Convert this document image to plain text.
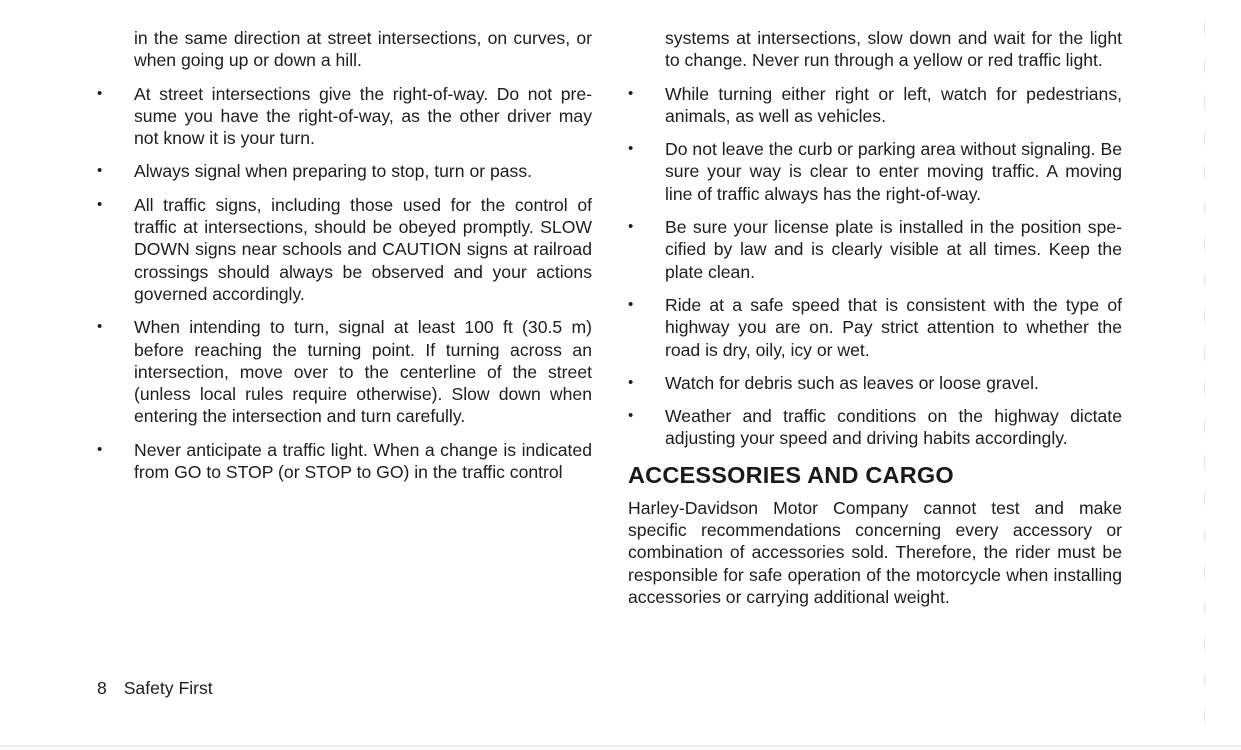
in the same direction at street intersections, on curves, or when going up or down a hill.

• At street intersections give the right-of-way. Do not pre-sume you have the right-of-way, as the other driver may not know it is your turn.
• Always signal when preparing to stop, turn or pass.
• All traffic signs, including those used for the control of traffic at intersections, should be obeyed promptly. SLOW DOWN signs near schools and CAUTION signs at railroad crossings should always be observed and your actions governed accordingly.
• When intending to turn, signal at least 100 ft (30.5 m) before reaching the turning point. If turning across an intersection, move over to the centerline of the street (unless local rules require otherwise). Slow down when entering the intersection and turn carefully.
• Never anticipate a traffic light. When a change is indicated from GO to STOP (or STOP to GO) in the traffic control

systems at intersections, slow down and wait for the light to change. Never run through a yellow or red traffic light.

• While turning either right or left, watch for pedestrians, animals, as well as vehicles.
• Do not leave the curb or parking area without signaling. Be sure your way is clear to enter moving traffic. A moving line of traffic always has the right-of-way.
• Be sure your license plate is installed in the position spe-cified by law and is clearly visible at all times. Keep the plate clean.
• Ride at a safe speed that is consistent with the type of highway you are on. Pay strict attention to whether the road is dry, oily, icy or wet.
• Watch for debris such as leaves or loose gravel.
• Weather and traffic conditions on the highway dictate adjusting your speed and driving habits accordingly.
ACCESSORIES AND CARGO

Harley-Davidson Motor Company cannot test and make specific recommendations concerning every accessory or combination of accessories sold. Therefore, the rider must be responsible for safe operation of the motorcycle when installing accessories or carrying additional weight.

8 Safety First
